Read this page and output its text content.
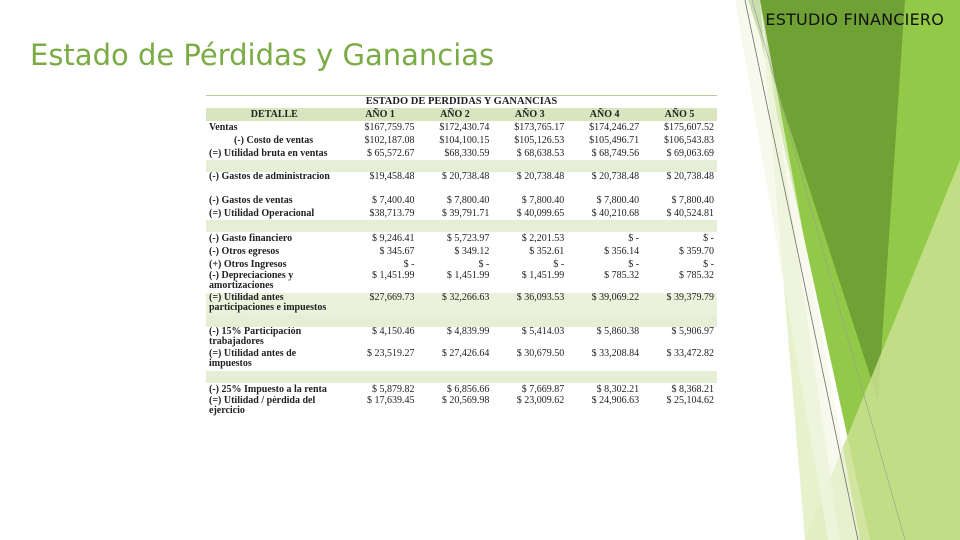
ESTUDIO FINANCIERO
Estado de Pérdidas y Ganancias
ESTADO DE PERDIDAS Y GANANCIAS
DETALLE	AÑO 1	AÑO 2	AÑO 3	AÑO 4	AÑO 5
Ventas	$167,759.75	$172,430.74	$173,765.17	$174,246.27	$175,607.52
(-) Costo de ventas	$102,187.08	$104,100.15	$105,126.53	$105,496.71	$106,543.83
(=) Utilidad bruta en ventas	$ 65,572.67	$68,330.59	$ 68,638.53	$ 68,749.56	$ 69,063.69

(-) Gastos de administracion	$19,458.48	$ 20,738.48	$ 20,738.48	$ 20,738.48	$ 20,738.48
(-) Gastos de ventas	$ 7,400.40	$ 7,800.40	$ 7,800.40	$ 7,800.40	$ 7,800.40
(=) Utilidad Operacional	$38,713.79	$ 39,791.71	$ 40,099.65	$ 40,210.68	$ 40,524.81

(-) Gasto financiero	$ 9,246.41	$ 5,723.97	$ 2,201.53	$ -	$ -
(-) Otros egresos	$ 345.67	$ 349.12	$ 352.61	$ 356.14	$ 359.70
(+) Otros Ingresos	$ -	$ -	$ -	$ -	$ -
(-) Depreciaciones y amortizaciones	$ 1,451.99	$ 1,451.99	$ 1,451.99	$ 785.32	$ 785.32
(=) Utilidad antes participaciones e impuestos	$27,669.73	$ 32,266.63	$ 36,093.53	$ 39,069.22	$ 39,379.79

(-) 15% Participación trabajadores	$ 4,150.46	$ 4,839.99	$ 5,414.03	$ 5,860.38	$ 5,906.97
(=) Utilidad antes de impuestos	$ 23,519.27	$ 27,426.64	$ 30,679.50	$ 33,208.84	$ 33,472.82

(-) 25% Impuesto a la renta	$ 5,879.82	$ 6,856.66	$ 7,669.87	$ 8,302.21	$ 8,368.21
(=) Utilidad / pérdida del ejercicio	$ 17,639.45	$ 20,569.98	$ 23,009.62	$ 24,906.63	$ 25,104.62
